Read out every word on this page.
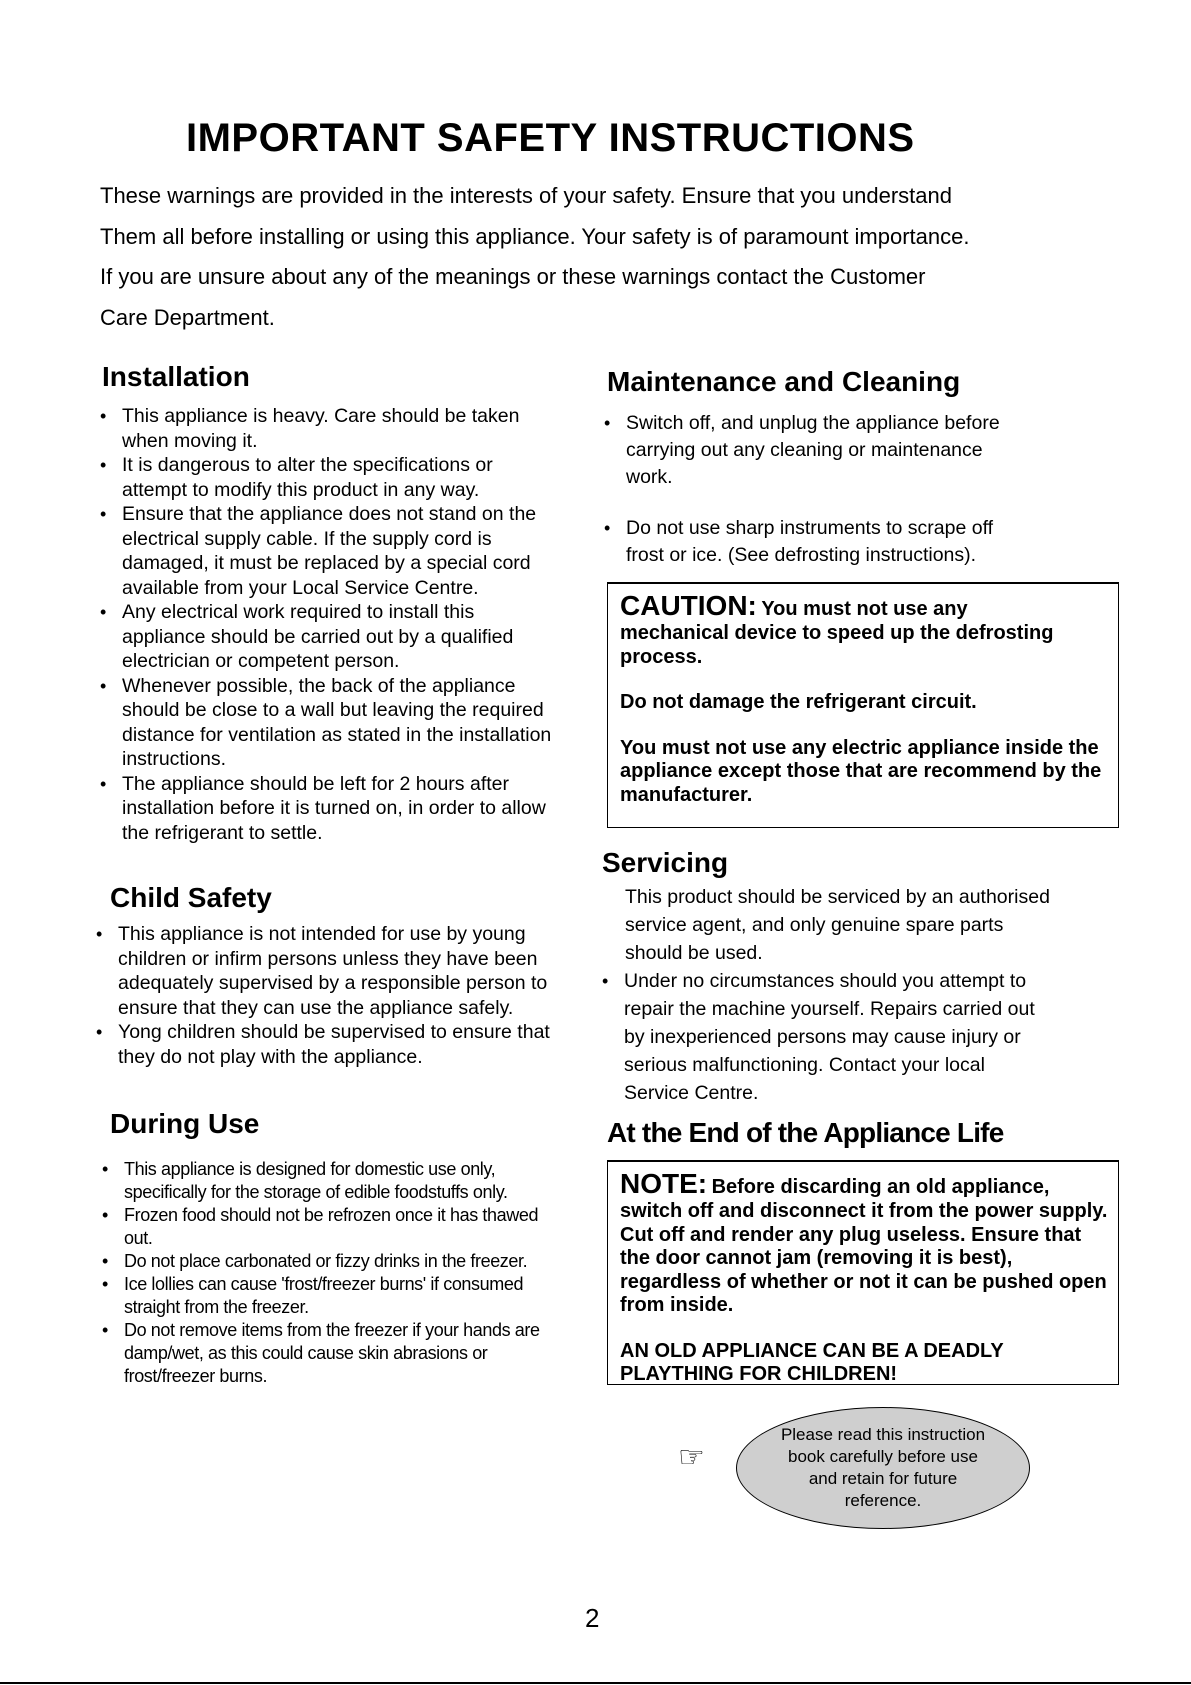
IMPORTANT SAFETY INSTRUCTIONS
These warnings are provided in the interests of your safety. Ensure that you understand
Them all before installing or using this appliance. Your safety is of paramount importance.
If you are unsure about any of the meanings or these warnings contact the Customer
Care Department.
Installation
• This appliance is heavy. Care should be taken when moving it.
• It is dangerous to alter the specifications or attempt to modify this product in any way.
• Ensure that the appliance does not stand on the electrical supply cable. If the supply cord is damaged, it must be replaced by a special cord available from your Local Service Centre.
• Any electrical work required to install this appliance should be carried out by a qualified electrician or competent person.
• Whenever possible, the back of the appliance should be close to a wall but leaving the required distance for ventilation as stated in the installation instructions.
• The appliance should be left for 2 hours after installation before it is turned on, in order to allow the refrigerant to settle.
Child Safety
• This appliance is not intended for use by young children or infirm persons unless they have been adequately supervised by a responsible person to ensure that they can use the appliance safely.
• Yong children should be supervised to ensure that they do not play with the appliance.
During Use
• This appliance is designed for domestic use only, specifically for the storage of edible foodstuffs only.
• Frozen food should not be refrozen once it has thawed out.
• Do not place carbonated or fizzy drinks in the freezer.
• Ice lollies can cause 'frost/freezer burns' if consumed straight from the freezer.
• Do not remove items from the freezer if your hands are damp/wet, as this could cause skin abrasions or frost/freezer burns.
Maintenance and Cleaning
• Switch off, and unplug the appliance before carrying out any cleaning or maintenance work.
• Do not use sharp instruments to scrape off frost or ice. (See defrosting instructions).
CAUTION: You must not use any

mechanical device to speed up the defrosting process.

Do not damage the refrigerant circuit.

You must not use any electric appliance inside the appliance except those that are recommend by the manufacturer.

Servicing
This product should be serviced by an authorised service agent, and only genuine spare parts should be used.
• Under no circumstances should you attempt to repair the machine yourself. Repairs carried out by inexperienced persons may cause injury or serious malfunctioning. Contact your local Service Centre.
At the End of the Appliance Life
NOTE: Before discarding an old appliance,

switch off and disconnect it from the power supply. Cut off and render any plug useless. Ensure that the door cannot jam (removing it is best), regardless of whether or not it can be pushed open from inside.

AN OLD APPLIANCE CAN BE A DEADLY PLAYTHING FOR CHILDREN!

☞
Please read this instruction book carefully before use and retain for future reference.
2
